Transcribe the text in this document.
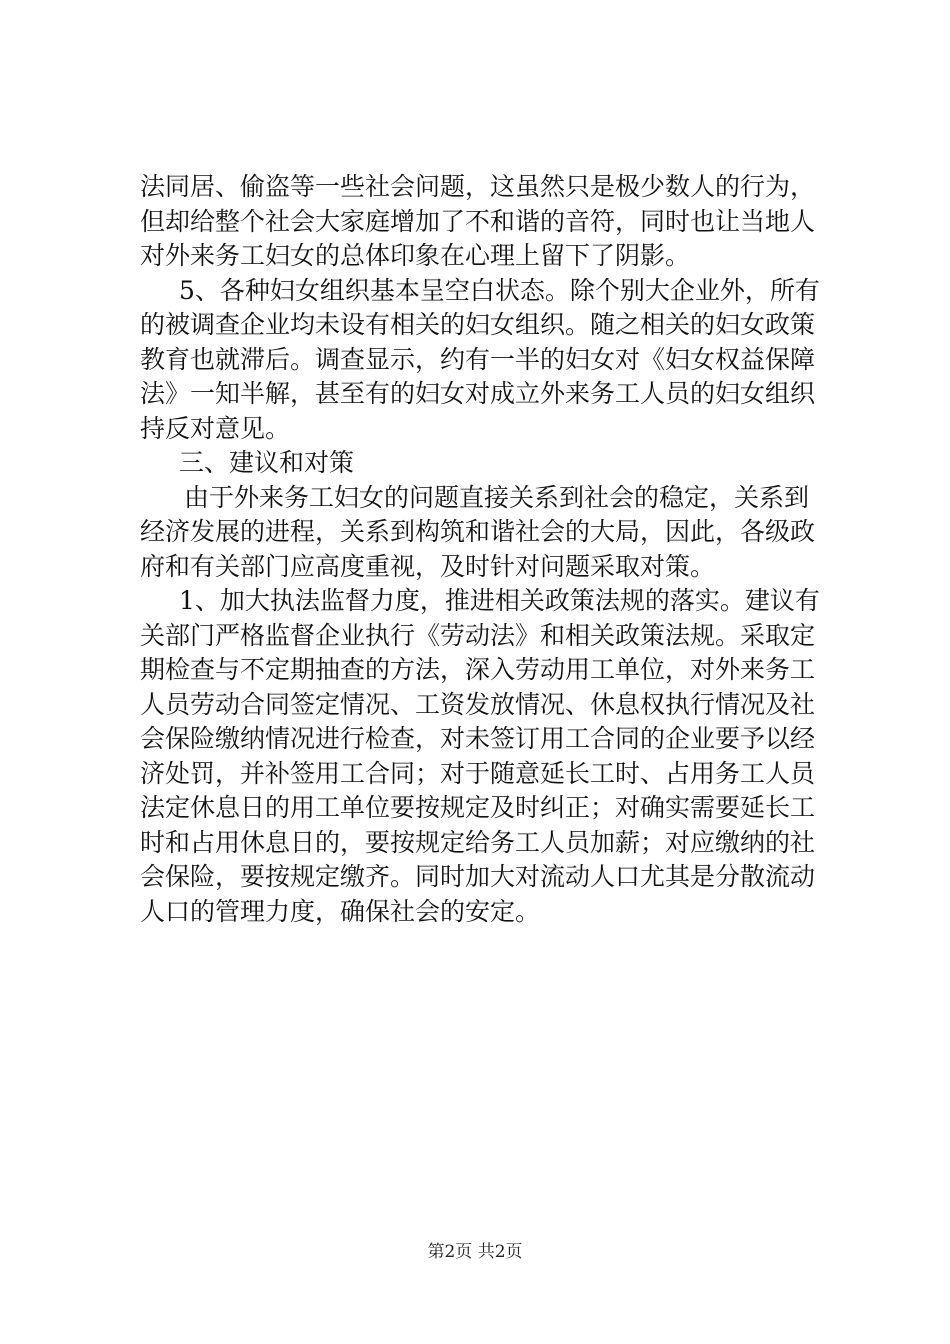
法同居、偷盗等一些社会问题，这虽然只是极少数人的行为，
但却给整个社会大家庭增加了不和谐的音符，同时也让当地人
对外来务工妇女的总体印象在心理上留下了阴影。
5、各种妇女组织基本呈空白状态。除个别大企业外，所有
的被调查企业均未设有相关的妇女组织。随之相关的妇女政策
教育也就滞后。调查显示，约有一半的妇女对《妇女权益保障
法》一知半解，甚至有的妇女对成立外来务工人员的妇女组织
持反对意见。
三、建议和对策
由于外来务工妇女的问题直接关系到社会的稳定，关系到
经济发展的进程，关系到构筑和谐社会的大局，因此，各级政
府和有关部门应高度重视，及时针对问题采取对策。
1、加大执法监督力度，推进相关政策法规的落实。建议有
关部门严格监督企业执行《劳动法》和相关政策法规。采取定
期检查与不定期抽查的方法，深入劳动用工单位，对外来务工
人员劳动合同签定情况、工资发放情况、休息权执行情况及社
会保险缴纳情况进行检查，对未签订用工合同的企业要予以经
济处罚，并补签用工合同；对于随意延长工时、占用务工人员
法定休息日的用工单位要按规定及时纠正；对确实需要延长工
时和占用休息日的，要按规定给务工人员加薪；对应缴纳的社
会保险，要按规定缴齐。同时加大对流动人口尤其是分散流动
人口的管理力度，确保社会的安定。
第2页 共2页
